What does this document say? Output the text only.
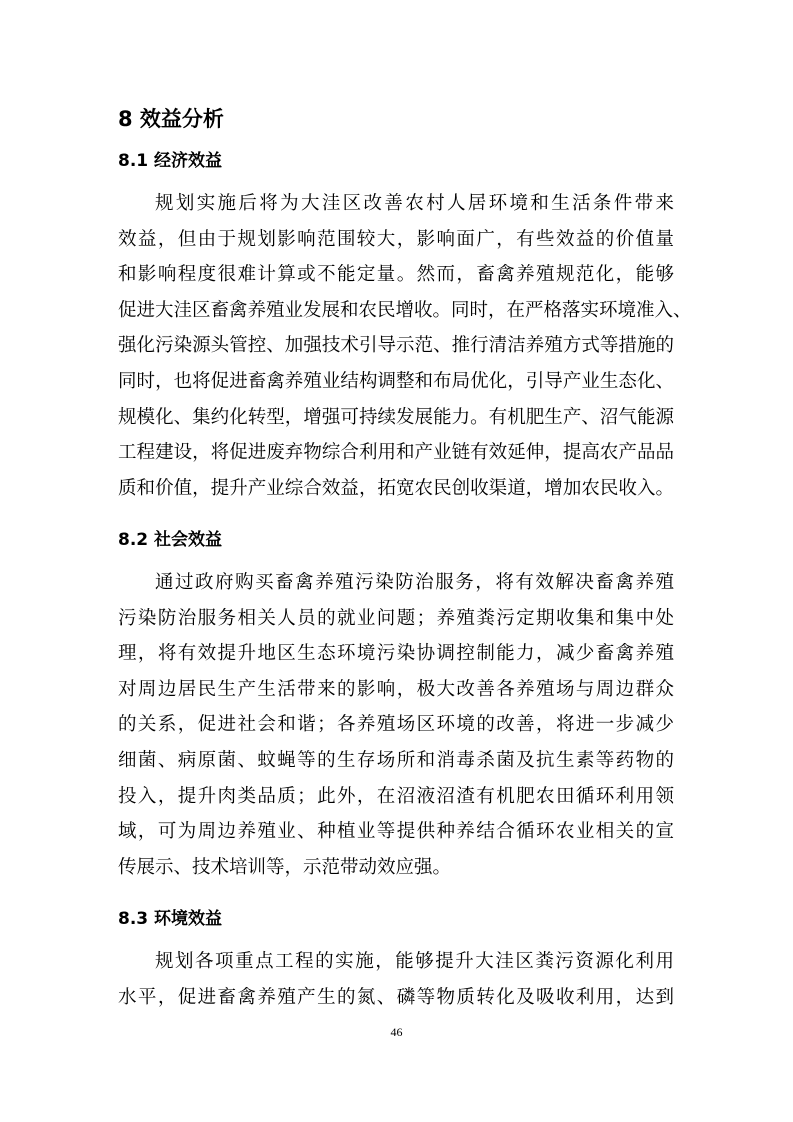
8 效益分析
8.1 经济效益
规划实施后将为大洼区改善农村人居环境和生活条件带来
效益，但由于规划影响范围较大，影响面广，有些效益的价值量
和影响程度很难计算或不能定量。然而，畜禽养殖规范化，能够
促进大洼区畜禽养殖业发展和农民增收。同时，在严格落实环境准入、
强化污染源头管控、加强技术引导示范、推行清洁养殖方式等措施的
同时，也将促进畜禽养殖业结构调整和布局优化，引导产业生态化、
规模化、集约化转型，增强可持续发展能力。有机肥生产、沼气能源
工程建设，将促进废弃物综合利用和产业链有效延伸，提高农产品品
质和价值，提升产业综合效益，拓宽农民创收渠道，增加农民收入。
8.2 社会效益
通过政府购买畜禽养殖污染防治服务，将有效解决畜禽养殖
污染防治服务相关人员的就业问题；养殖粪污定期收集和集中处
理，将有效提升地区生态环境污染协调控制能力，减少畜禽养殖
对周边居民生产生活带来的影响，极大改善各养殖场与周边群众
的关系，促进社会和谐；各养殖场区环境的改善，将进一步减少
细菌、病原菌、蚊蝇等的生存场所和消毒杀菌及抗生素等药物的
投入，提升肉类品质；此外，在沼液沼渣有机肥农田循环利用领
域，可为周边养殖业、种植业等提供种养结合循环农业相关的宣
传展示、技术培训等，示范带动效应强。
8.3 环境效益
规划各项重点工程的实施，能够提升大洼区粪污资源化利用
水平，促进畜禽养殖产生的氮、磷等物质转化及吸收利用，达到
46
